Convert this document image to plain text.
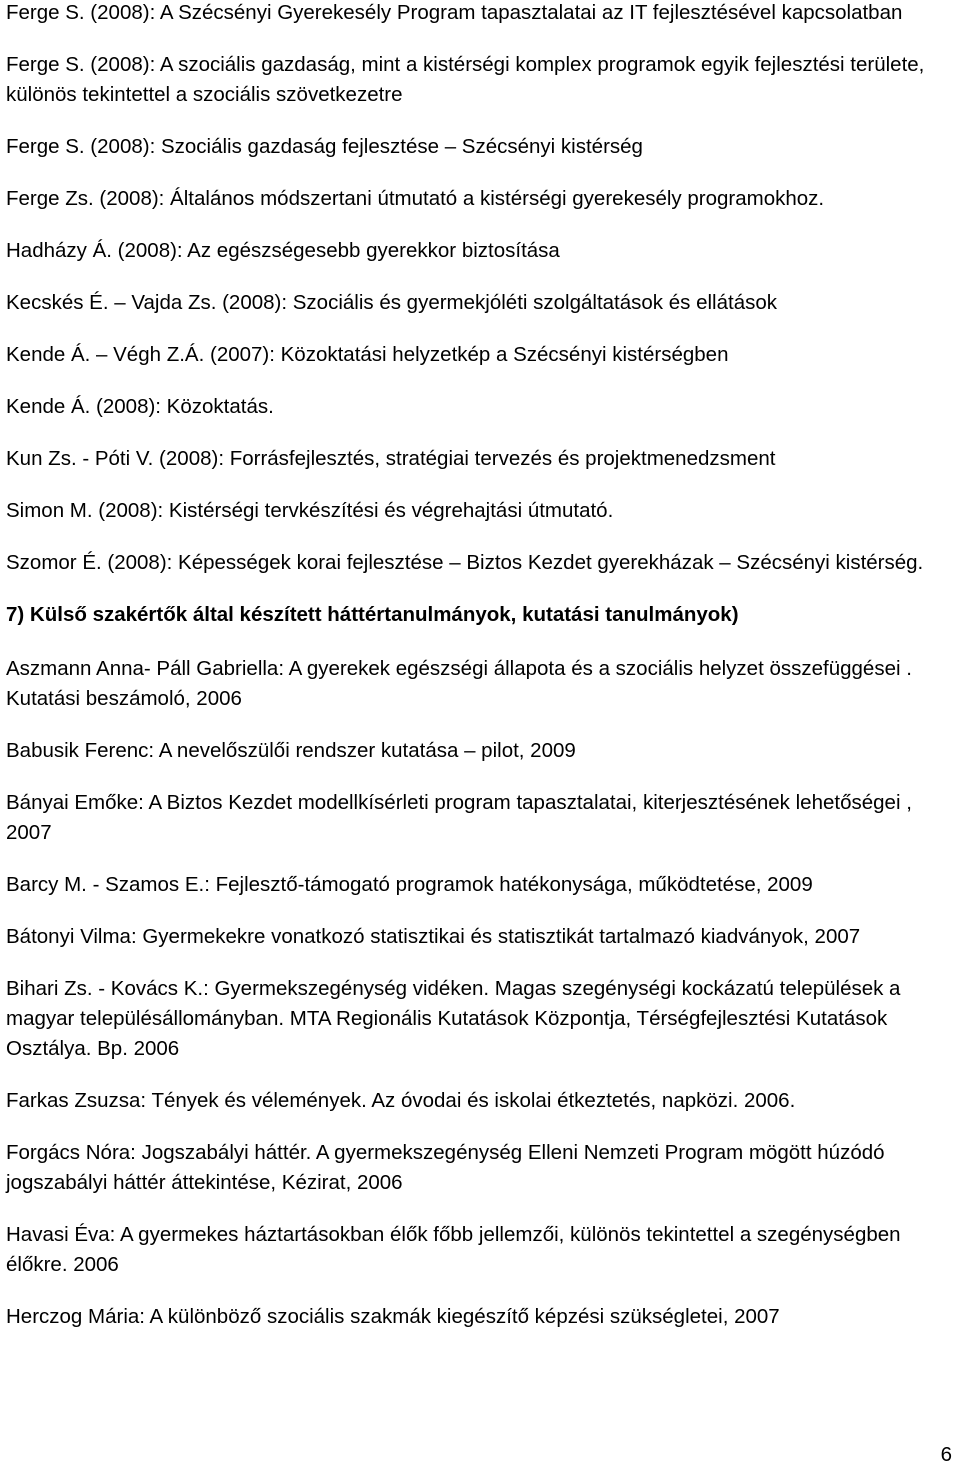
Ferge S. (2008): A Szécsényi Gyerekesély Program tapasztalatai az IT fejlesztésével kapcsolatban

Ferge S. (2008): A szociális gazdaság, mint a kistérségi komplex programok egyik fejlesztési területe, különös tekintettel a szociális szövetkezetre

Ferge S. (2008): Szociális gazdaság fejlesztése – Szécsényi kistérség

Ferge Zs. (2008): Általános módszertani útmutató a kistérségi gyerekesély programokhoz.

Hadházy Á. (2008): Az egészségesebb gyerekkor biztosítása

Kecskés É. – Vajda Zs. (2008): Szociális és gyermekjóléti szolgáltatások és ellátások

Kende Á. – Végh Z.Á. (2007): Közoktatási helyzetkép a Szécsényi kistérségben

Kende Á. (2008): Közoktatás.

Kun Zs. - Póti V. (2008): Forrásfejlesztés, stratégiai tervezés és projektmenedzsment

Simon M. (2008): Kistérségi tervkészítési és végrehajtási útmutató.

Szomor É. (2008): Képességek korai fejlesztése – Biztos Kezdet gyerekházak – Szécsényi kistérség.

7) Külső szakértők által készített háttértanulmányok, kutatási tanulmányok)

Aszmann Anna- Páll Gabriella: A gyerekek egészségi állapota és a szociális helyzet összefüggései . Kutatási beszámoló, 2006

Babusik Ferenc: A nevelőszülői rendszer kutatása – pilot, 2009

Bányai Emőke: A Biztos Kezdet modellkísérleti program tapasztalatai, kiterjesztésének lehetőségei , 2007

Barcy M. - Szamos E.: Fejlesztő-támogató programok hatékonysága, működtetése, 2009

Bátonyi Vilma: Gyermekekre vonatkozó statisztikai és statisztikát tartalmazó kiadványok, 2007

Bihari Zs. - Kovács K.: Gyermekszegénység vidéken. Magas szegénységi kockázatú települések a magyar településállományban. MTA Regionális Kutatások Központja, Térségfejlesztési Kutatások Osztálya. Bp. 2006

Farkas Zsuzsa: Tények és vélemények. Az óvodai és iskolai étkeztetés, napközi. 2006.

Forgács Nóra: Jogszabályi háttér. A gyermekszegénység Elleni Nemzeti Program mögött húzódó jogszabályi háttér áttekintése, Kézirat, 2006

Havasi Éva: A gyermekes háztartásokban élők főbb jellemzői, különös tekintettel a szegénységben élőkre. 2006

Herczog Mária: A különböző szociális szakmák kiegészítő képzési szükségletei, 2007

6
